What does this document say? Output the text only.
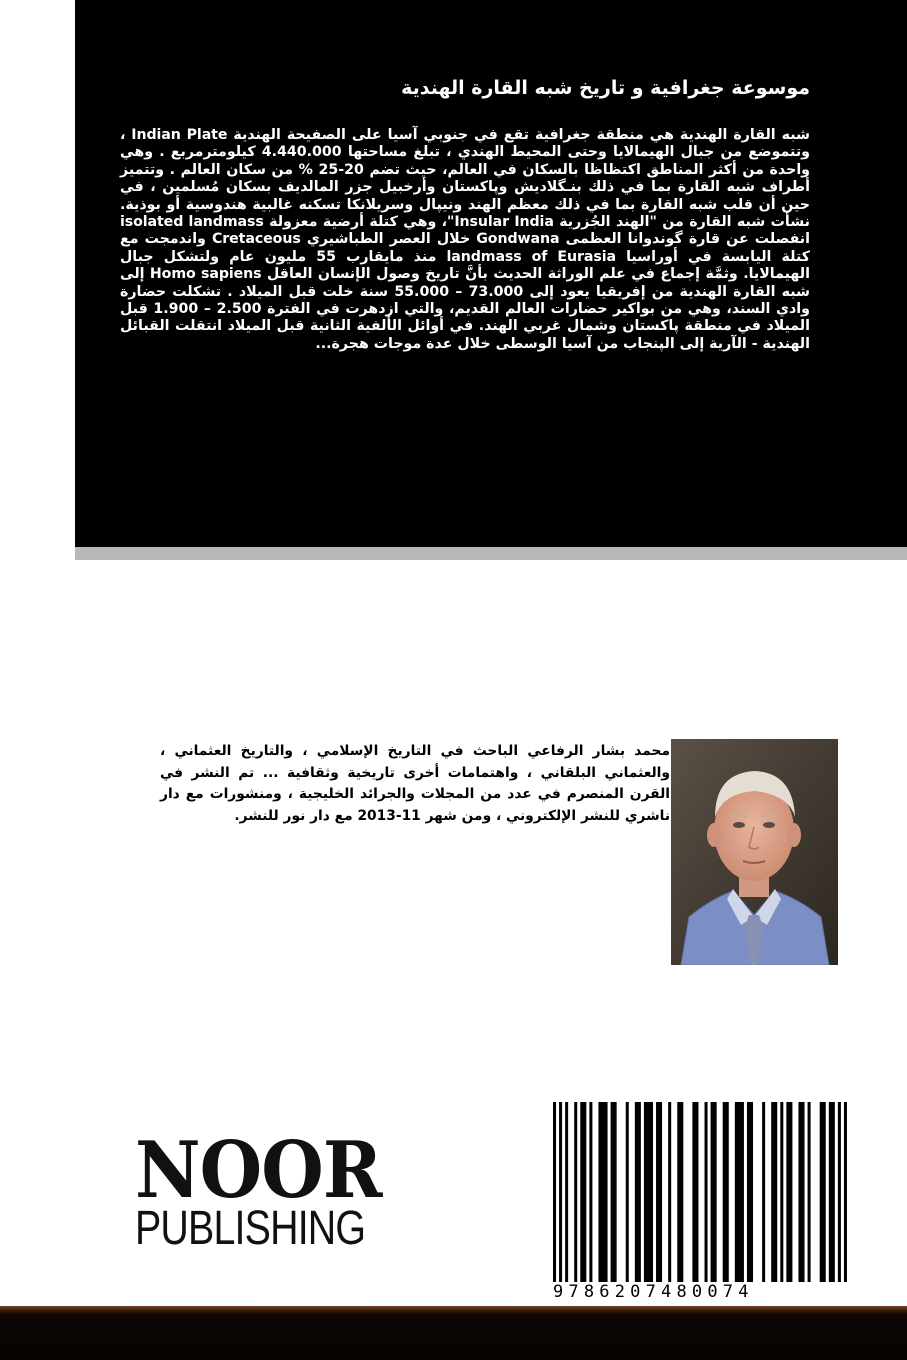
موسوعة جغرافية و تاريخ شبه القارة الهندية

شبه القارة الهندية هي منطقة جغرافية تقع في جنوبي آسيا على الصفيحة الهندية Indian Plate ، وتتموضع من جبال الهيمالايا وحتى المحيط الهندي ، تبلغ مساحتها 4.440.000 كيلومترمربع . وهي واحدة من أكثر المناطق اكتظاظا بالسكان في العالم، حيث تضم 20-25 % من سكان العالم . وتتميز أطراف شبه القارة بما في ذلك بنـگلاديش وپاكستان وأرخبيل جزر المالديف بسكان مُسلمين ، في حين أن قلب شبه القارة بما في ذلك معظم الهند ونيپال وسريلانكا تسكنه غالبية هندوسية أو بوذية. نشأت شبه القارة من "الهند الجُزرية Insular India"، وهي كتلة أرضية معزولة isolated landmass انفصلت عن قارة گوندوانا العظمى Gondwana خلال العصر الطباشيري Cretaceous واندمجت مع كتلة اليابسة في أوراسيا landmass of Eurasia منذ مايقارب 55 مليون عام ولتشكل جبال الهيمالايا. وثمَّة إجماع في علم الوراثة الحديث بأنَّ تاريخ وصول الإنسان العاقل Homo sapiens إلى شبه القارة الهندية من إفريقيا يعود إلى 73.000 – 55.000 سنة خلت قبل الميلاد . تشكلت حضارة وادي السند، وهي من بواكير حضارات العالم القديم، والتي ازدهرت في الفترة 2.500 – 1.900 قبل الميلاد في منطقة پاكستان وشمال غربي الهند. في أوائل الألفية الثانية قبل الميلاد انتقلت القبائل الهندية - الآرية إلى الپنجاب من آسيا الوسطى خلال عدة موجات هجرة...

محمد بشار الرفاعي الباحث في التاريخ الإسلامي ، والتاريخ العثماني ، والعثماني البلقاني ، واهتمامات أخرى تاريخية وثقافية ... تم النشر في القرن المنصرم في عدد من المجلات والجرائد الخليجية ، ومنشورات مع دار ناشري للنشر الإلكتروني ، ومن شهر 11-2013 مع دار نور للنشر.

NOOR
PUBLISHING
9786207480074
